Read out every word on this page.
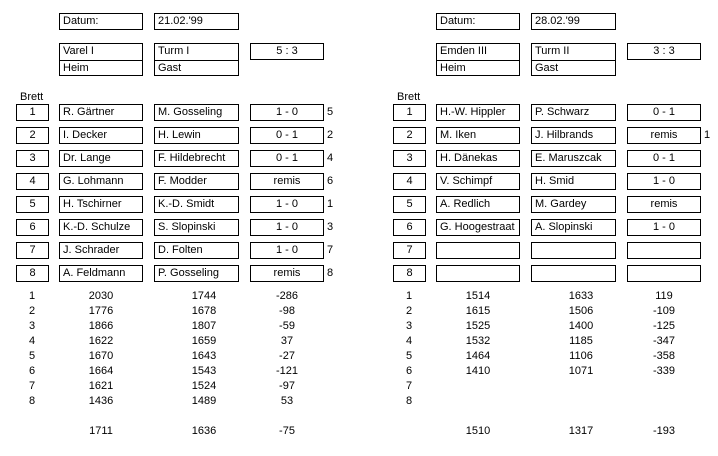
Datum:	21.02.'99
Varel I
Heim
Turm I
Gast
5 : 3
Brett
1	R. Gärtner	M. Gosseling	1 - 0	5
2	I. Decker	H. Lewin	0 - 1	2
3	Dr. Lange	F. Hildebrecht	0 - 1	4
4	G. Lohmann	F. Modder	remis	6
5	H. Tschirner	K.-D. Smidt	1 - 0	1
6	K.-D. Schulze	S. Slopinski	1 - 0	3
7	J. Schrader	D. Folten	1 - 0	7
8	A. Feldmann	P. Gosseling	remis	8
1	2030	1744	-286
2	1776	1678	-98
3	1866	1807	-59
4	1622	1659	37
5	1670	1643	-27
6	1664	1543	-121
7	1621	1524	-97
8	1436	1489	53
1711	1636	-75
Datum:	28.02.'99
Emden III
Heim
Turm II
Gast
3 : 3
Brett
1	H.-W. Hippler	P. Schwarz	0 - 1
2	M. Iken	J. Hilbrands	remis	1
3	H. Dänekas	E. Maruszcak	0 - 1
4	V. Schimpf	H. Smid	1 - 0
5	A. Redlich	M. Gardey	remis
6	G. Hoogestraat	A. Slopinski	1 - 0
7
8
1	1514	1633	119
2	1615	1506	-109
3	1525	1400	-125
4	1532	1185	-347
5	1464	1106	-358
6	1410	1071	-339
7
8
1510	1317	-193
